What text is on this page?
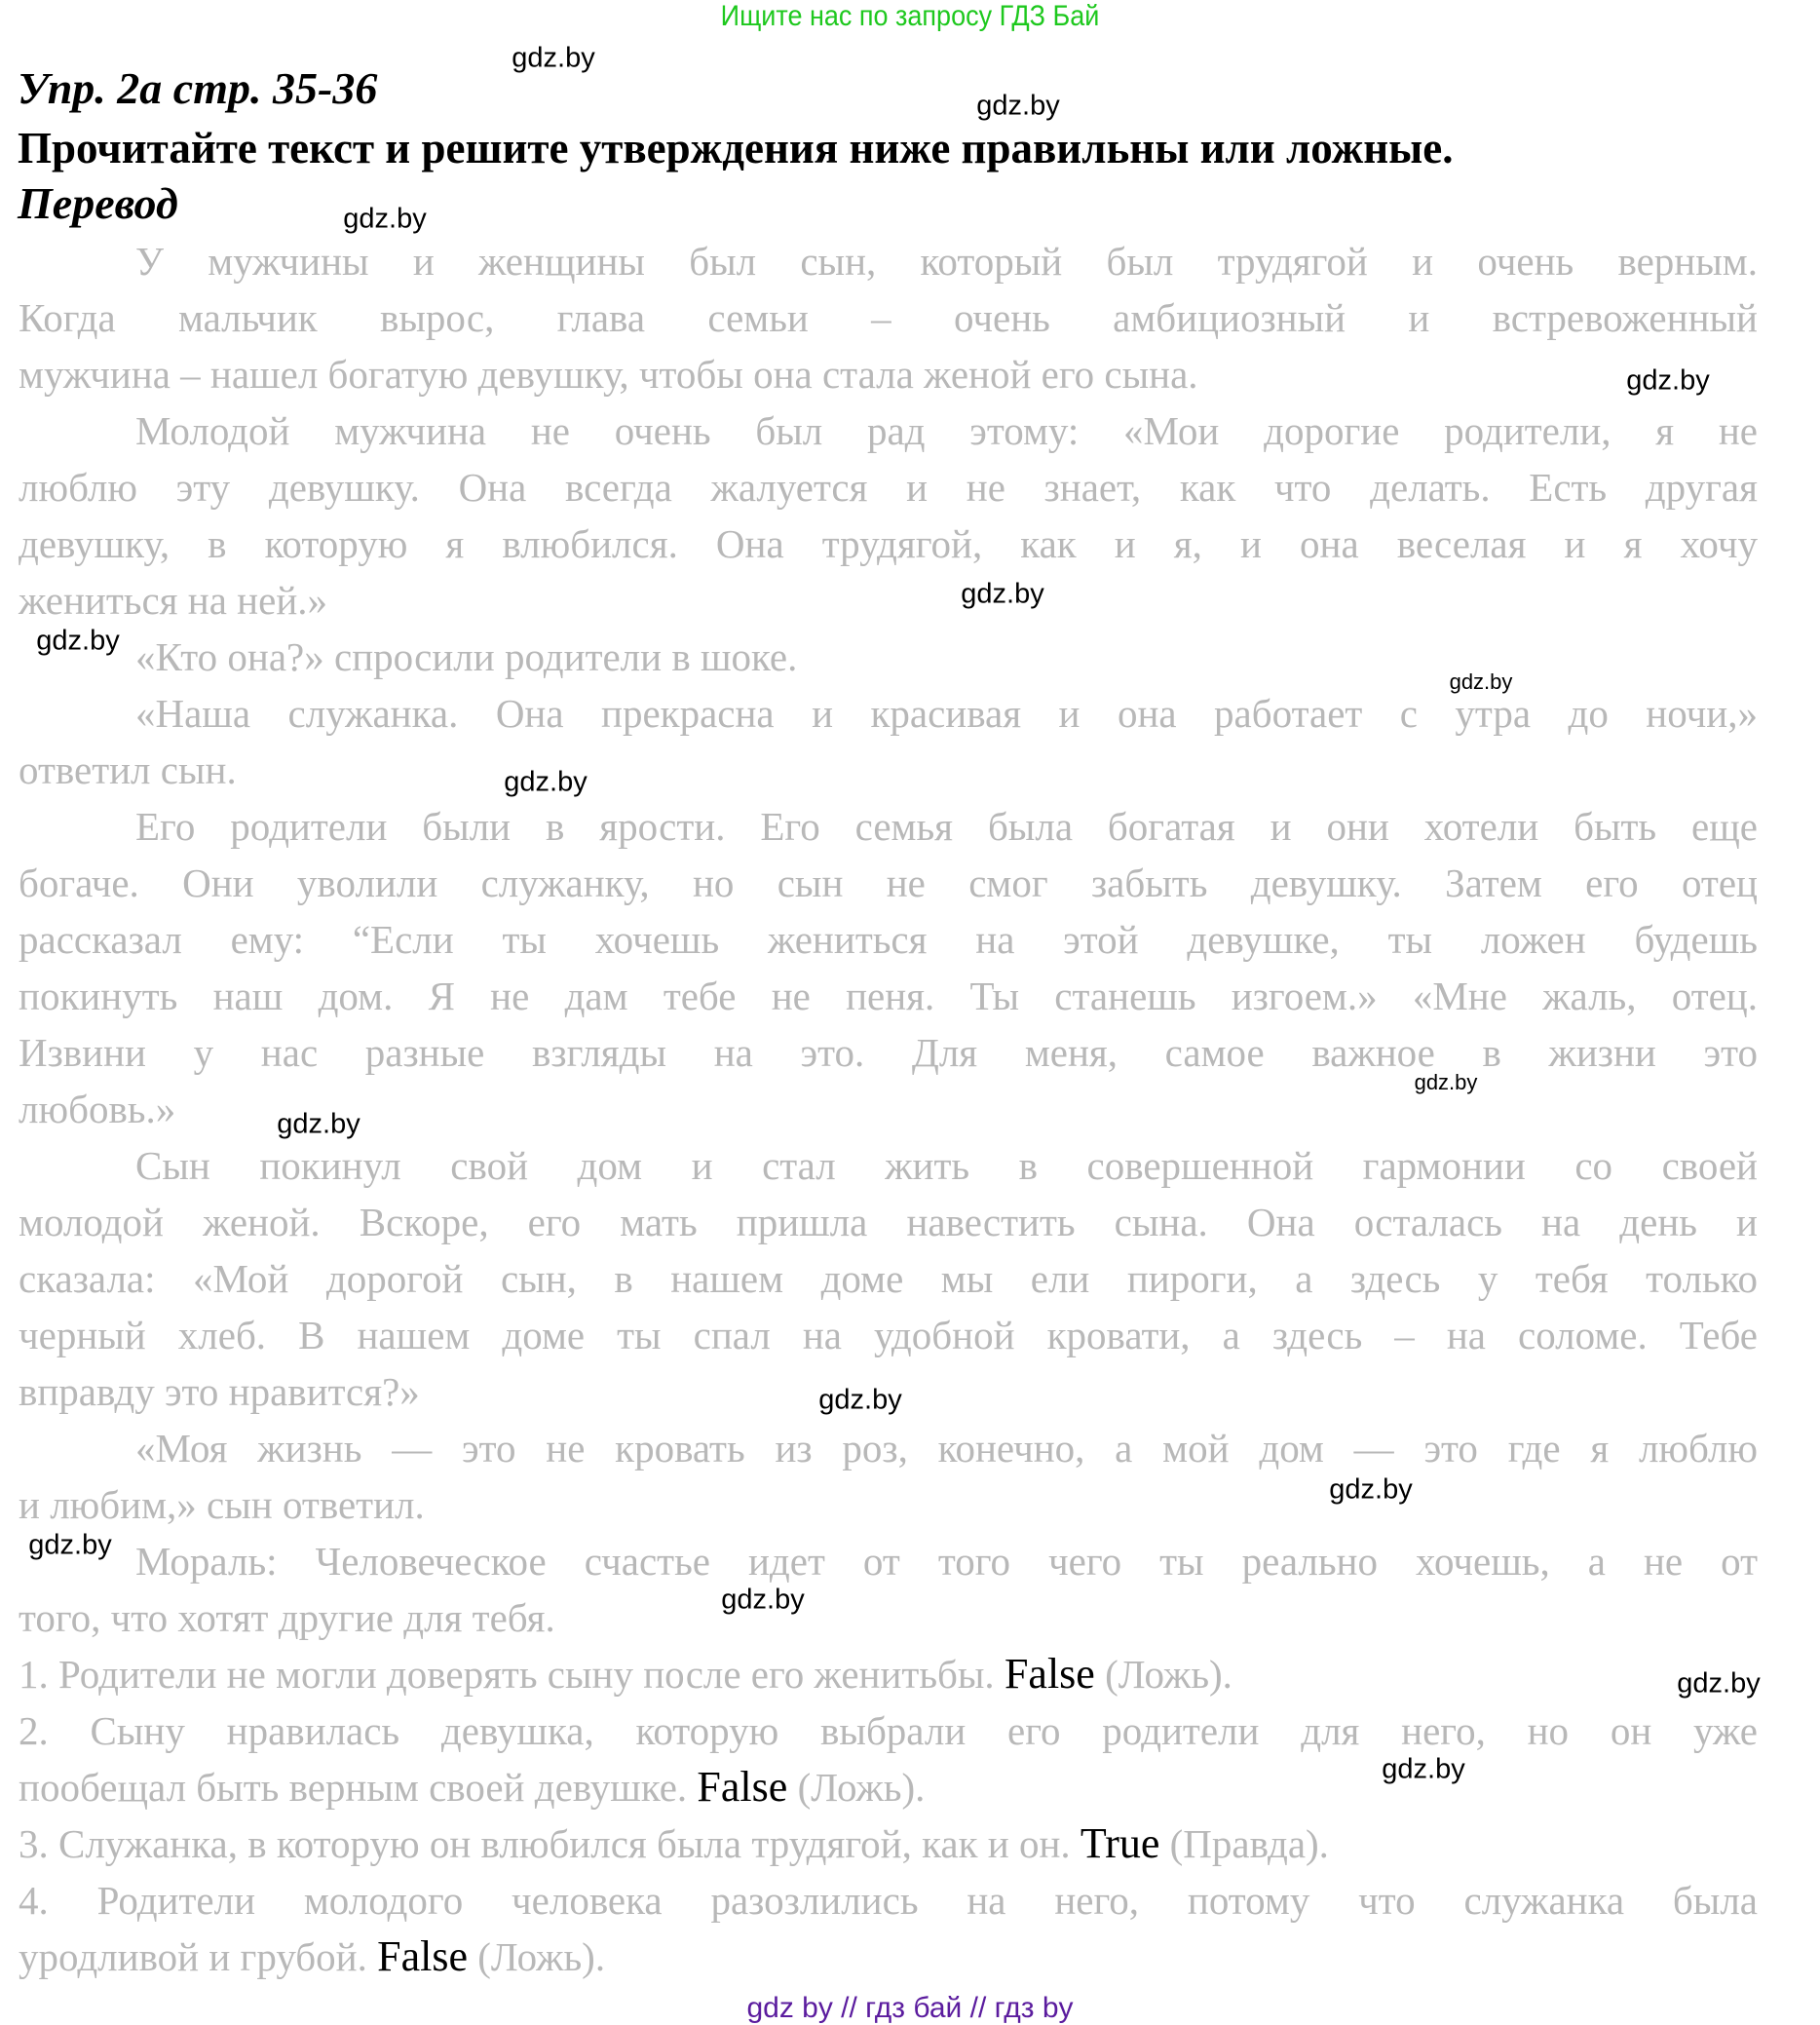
Ищите нас по запросу ГДЗ Бай
Упр. 2а стр. 35-36
Прочитайте текст и решите утверждения ниже правильны или ложные.
Перевод
У мужчины и женщины был сын, который был трудягой и очень верным.
Когда мальчик вырос, глава семьи – очень амбициозный и встревоженный
мужчина – нашел богатую девушку, чтобы она стала женой его сына.
Молодой мужчина не очень был рад этому: «Мои дорогие родители, я не
люблю эту девушку. Она всегда жалуется и не знает, как что делать. Есть другая
девушку, в которую я влюбился. Она трудягой, как и я, и она веселая и я хочу
жениться на ней.»
«Кто она?» спросили родители в шоке.
«Наша служанка. Она прекрасна и красивая и она работает с утра до ночи,»
ответил сын.
Его родители были в ярости. Его семья была богатая и они хотели быть еще
богаче. Они уволили служанку, но сын не смог забыть девушку. Затем его отец
рассказал ему: “Если ты хочешь жениться на этой девушке, ты ложен будешь
покинуть наш дом. Я не дам тебе не пеня. Ты станешь изгоем.» «Мне жаль, отец.
Извини у нас разные взгляды на это. Для меня, самое важное в жизни это
любовь.»
Сын покинул свой дом и стал жить в совершенной гармонии со своей
молодой женой. Вскоре, его мать пришла навестить сына. Она осталась на день и
сказала: «Мой дорогой сын, в нашем доме мы ели пироги, а здесь у тебя только
черный хлеб. В нашем доме ты спал на удобной кровати, а здесь – на соломе. Тебе
вправду это нравится?»
«Моя жизнь — это не кровать из роз, конечно, а мой дом — это где я люблю
и любим,» сын ответил.
Мораль: Человеческое счастье идет от того чего ты реально хочешь, а не от
того, что хотят другие для тебя.
1. Родители не могли доверять сыну после его женитьбы. False (Ложь).
2. Сыну нравилась девушка, которую выбрали его родители для него, но он уже
пообещал быть верным своей девушке. False (Ложь).
3. Служанка, в которую он влюбился была трудягой, как и он. True (Правда).
4. Родители молодого человека разозлились на него, потому что служанка была
уродливой и грубой. False (Ложь).
gdz.by
gdz.by
gdz.by
gdz.by
gdz.by
gdz.by
gdz.by
gdz.by
gdz.by
gdz.by
gdz.by
gdz.by
gdz.by
gdz.by
gdz.by
gdz.by
gdz by // гдз бай // гдз by
